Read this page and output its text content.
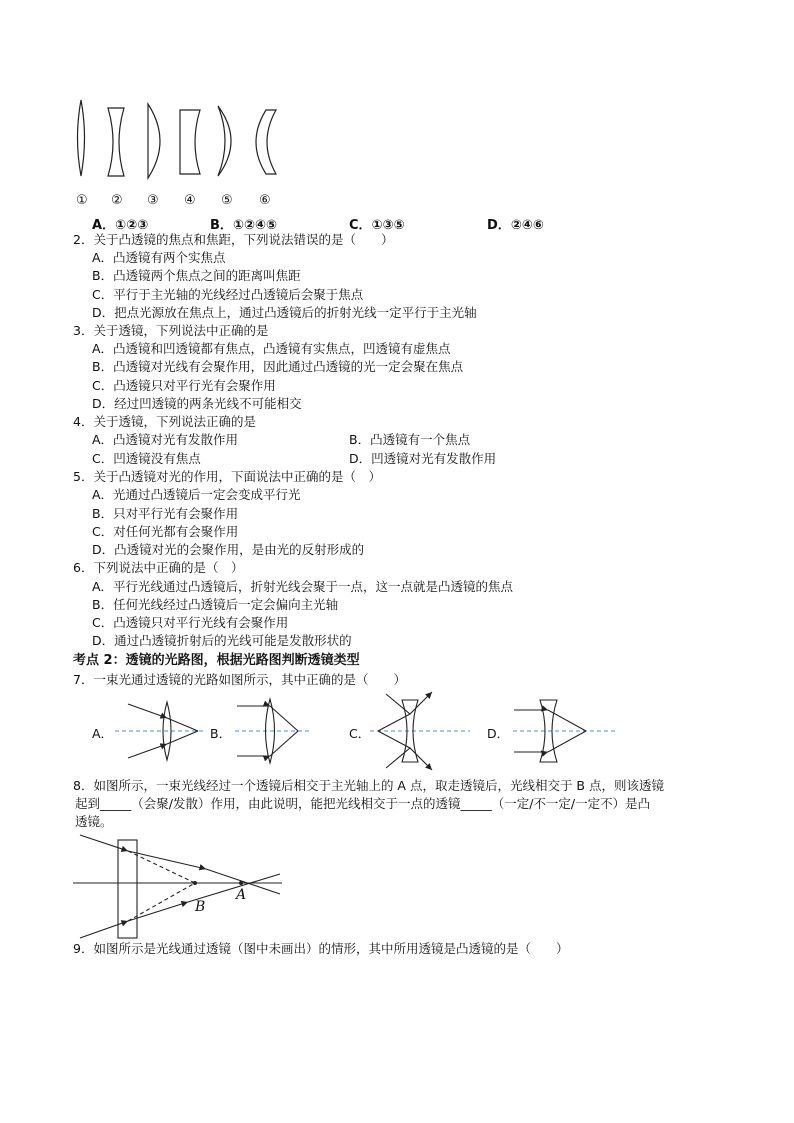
① ② ③ ④ ⑤ ⑥
A．①②③	B．①②④⑤	C．①③⑤	D．②④⑥
2．关于凸透镜的焦点和焦距，下列说法错误的是（　　）
A．凸透镜有两个实焦点
B．凸透镜两个焦点之间的距离叫焦距
C．平行于主光轴的光线经过凸透镜后会聚于焦点
D．把点光源放在焦点上，通过凸透镜后的折射光线一定平行于主光轴
3．关于透镜，下列说法中正确的是
A．凸透镜和凹透镜都有焦点，凸透镜有实焦点，凹透镜有虚焦点
B．凸透镜对光线有会聚作用，因此通过凸透镜的光一定会聚在焦点
C．凸透镜只对平行光有会聚作用
D．经过凹透镜的两条光线不可能相交
4．关于透镜，下列说法正确的是
A．凸透镜对光有发散作用	B．凸透镜有一个焦点
C．凹透镜没有焦点	D．凹透镜对光有发散作用
5．关于凸透镜对光的作用，下面说法中正确的是（　）
A．光通过凸透镜后一定会变成平行光
B．只对平行光有会聚作用
C．对任何光都有会聚作用
D．凸透镜对光的会聚作用，是由光的反射形成的
6．下列说法中正确的是（　）
A．平行光线通过凸透镜后，折射光线会聚于一点，这一点就是凸透镜的焦点
B．任何光线经过凸透镜后一定会偏向主光轴
C．凸透镜只对平行光线有会聚作用
D．通过凸透镜折射后的光线可能是发散形状的
考点 2：透镜的光路图，根据光路图判断透镜类型
7．一束光通过透镜的光路如图所示，其中正确的是（　　）
A．	B．	C．	D．
8．如图所示，一束光线经过一个透镜后相交于主光轴上的 A 点，取走透镜后，光线相交于 B 点，则该透镜
起到_____（会聚/发散）作用，由此说明，能把光线相交于一点的透镜_____（一定/不一定/一定不）是凸
透镜。
B
A
9．如图所示是光线通过透镜（图中未画出）的情形，其中所用透镜是凸透镜的是（　　）
